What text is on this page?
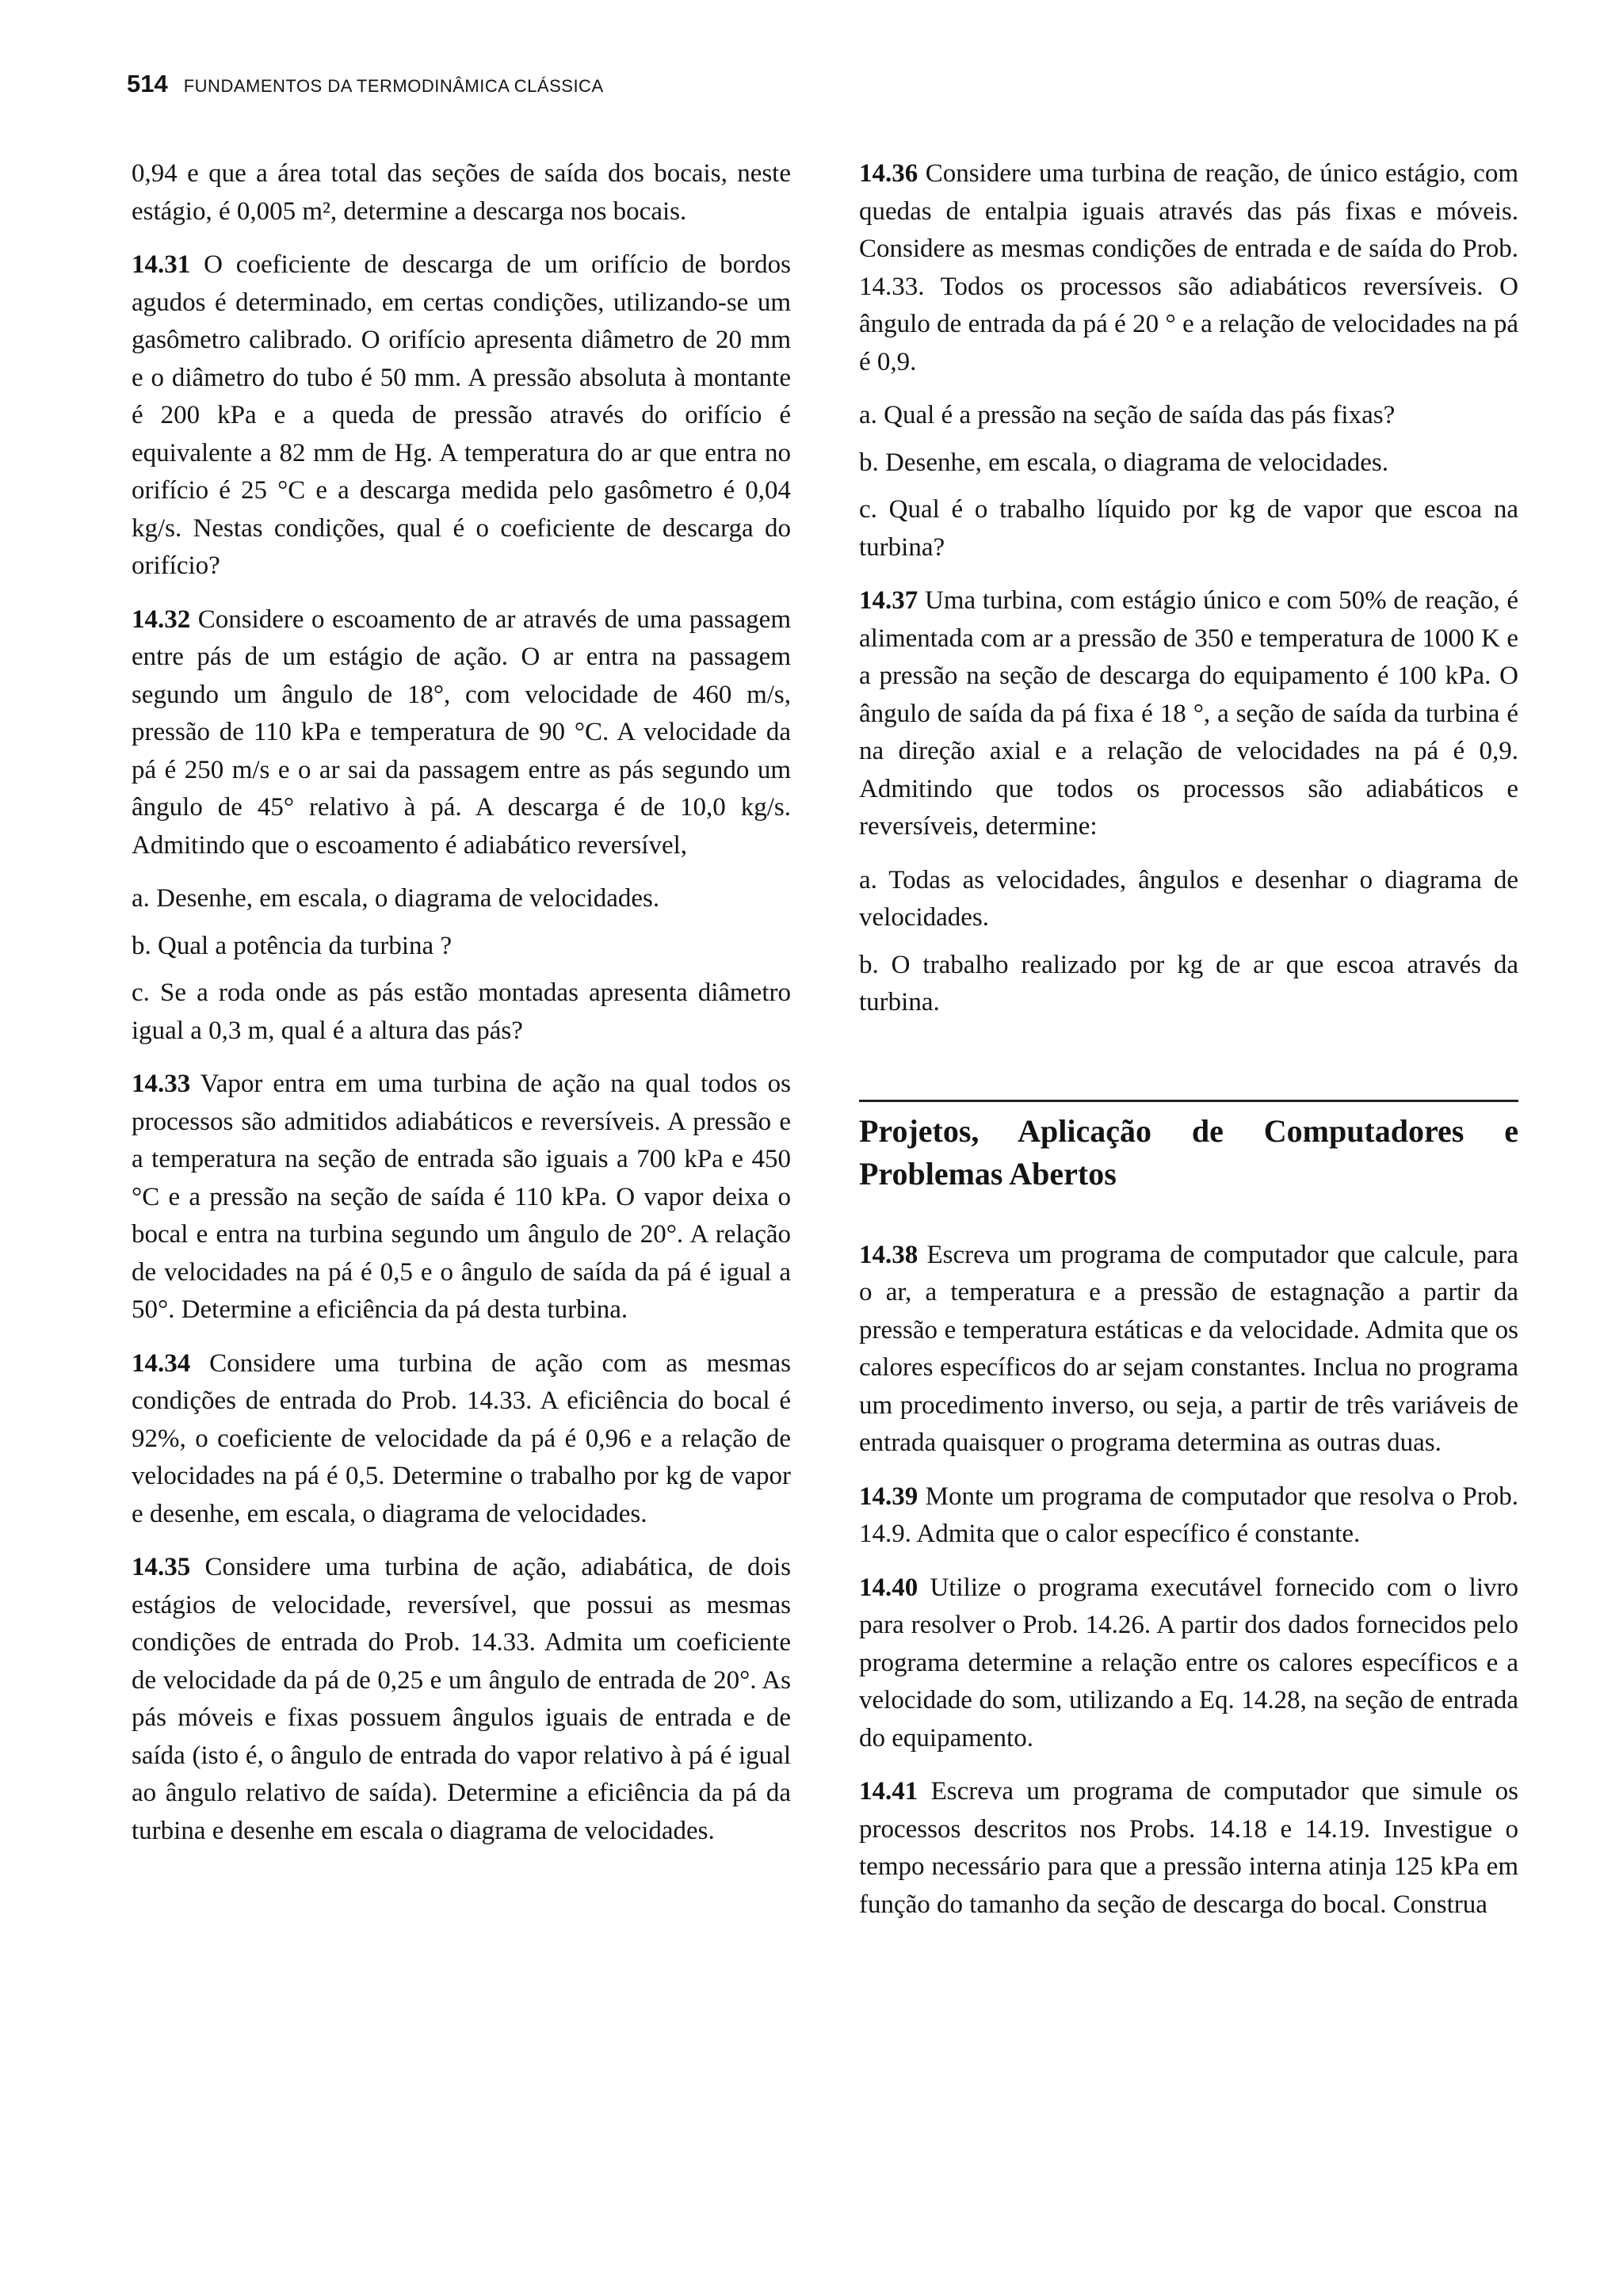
514 FUNDAMENTOS DA TERMODINÂMICA CLÁSSICA

0,94 e que a área total das seções de saída dos bocais, neste estágio, é 0,005 m², determine a descarga nos bocais.

14.31 O coeficiente de descarga de um orifício de bordos agudos é determinado, em certas condições, utilizando-se um gasômetro calibrado. O orifício apresenta diâmetro de 20 mm e o diâmetro do tubo é 50 mm. A pressão absoluta à montante é 200 kPa e a queda de pressão através do orifício é equivalente a 82 mm de Hg. A temperatura do ar que entra no orifício é 25 °C e a descarga medida pelo gasômetro é 0,04 kg/s. Nestas condições, qual é o coeficiente de descarga do orifício?

14.32 Considere o escoamento de ar através de uma passagem entre pás de um estágio de ação. O ar entra na passagem segundo um ângulo de 18°, com velocidade de 460 m/s, pressão de 110 kPa e temperatura de 90 °C. A velocidade da pá é 250 m/s e o ar sai da passagem entre as pás segundo um ângulo de 45° relativo à pá. A descarga é de 10,0 kg/s. Admitindo que o escoamento é adiabático reversível,

a. Desenhe, em escala, o diagrama de velocidades.

b. Qual a potência da turbina ?

c. Se a roda onde as pás estão montadas apresenta diâmetro igual a 0,3 m, qual é a altura das pás?

14.33 Vapor entra em uma turbina de ação na qual todos os processos são admitidos adiabáticos e reversíveis. A pressão e a temperatura na seção de entrada são iguais a 700 kPa e 450 °C e a pressão na seção de saída é 110 kPa. O vapor deixa o bocal e entra na turbina segundo um ângulo de 20°. A relação de velocidades na pá é 0,5 e o ângulo de saída da pá é igual a 50°. Determine a eficiência da pá desta turbina.

14.34 Considere uma turbina de ação com as mesmas condições de entrada do Prob. 14.33. A eficiência do bocal é 92%, o coeficiente de velocidade da pá é 0,96 e a relação de velocidades na pá é 0,5. Determine o trabalho por kg de vapor e desenhe, em escala, o diagrama de velocidades.

14.35 Considere uma turbina de ação, adiabática, de dois estágios de velocidade, reversível, que possui as mesmas condições de entrada do Prob. 14.33. Admita um coeficiente de velocidade da pá de 0,25 e um ângulo de entrada de 20°. As pás móveis e fixas possuem ângulos iguais de entrada e de saída (isto é, o ângulo de entrada do vapor relativo à pá é igual ao ângulo relativo de saída). Determine a eficiência da pá da turbina e desenhe em escala o diagrama de velocidades.

14.36 Considere uma turbina de reação, de único estágio, com quedas de entalpia iguais através das pás fixas e móveis. Considere as mesmas condições de entrada e de saída do Prob. 14.33. Todos os processos são adiabáticos reversíveis. O ângulo de entrada da pá é 20 ° e a relação de velocidades na pá é 0,9.

a. Qual é a pressão na seção de saída das pás fixas?

b. Desenhe, em escala, o diagrama de velocidades.

c. Qual é o trabalho líquido por kg de vapor que escoa na turbina?

14.37 Uma turbina, com estágio único e com 50% de reação, é alimentada com ar a pressão de 350 e temperatura de 1000 K e a pressão na seção de descarga do equipamento é 100 kPa. O ângulo de saída da pá fixa é 18 °, a seção de saída da turbina é na direção axial e a relação de velocidades na pá é 0,9. Admitindo que todos os processos são adiabáticos e reversíveis, determine:

a. Todas as velocidades, ângulos e desenhar o diagrama de velocidades.

b. O trabalho realizado por kg de ar que escoa através da turbina.

Projetos, Aplicação de Computadores e Problemas Abertos

14.38 Escreva um programa de computador que calcule, para o ar, a temperatura e a pressão de estagnação a partir da pressão e temperatura estáticas e da velocidade. Admita que os calores específicos do ar sejam constantes. Inclua no programa um procedimento inverso, ou seja, a partir de três variáveis de entrada quaisquer o programa determina as outras duas.

14.39 Monte um programa de computador que resolva o Prob. 14.9. Admita que o calor específico é constante.

14.40 Utilize o programa executável fornecido com o livro para resolver o Prob. 14.26. A partir dos dados fornecidos pelo programa determine a relação entre os calores específicos e a velocidade do som, utilizando a Eq. 14.28, na seção de entrada do equipamento.

14.41 Escreva um programa de computador que simule os processos descritos nos Probs. 14.18 e 14.19. Investigue o tempo necessário para que a pressão interna atinja 125 kPa em função do tamanho da seção de descarga do bocal. Construa
